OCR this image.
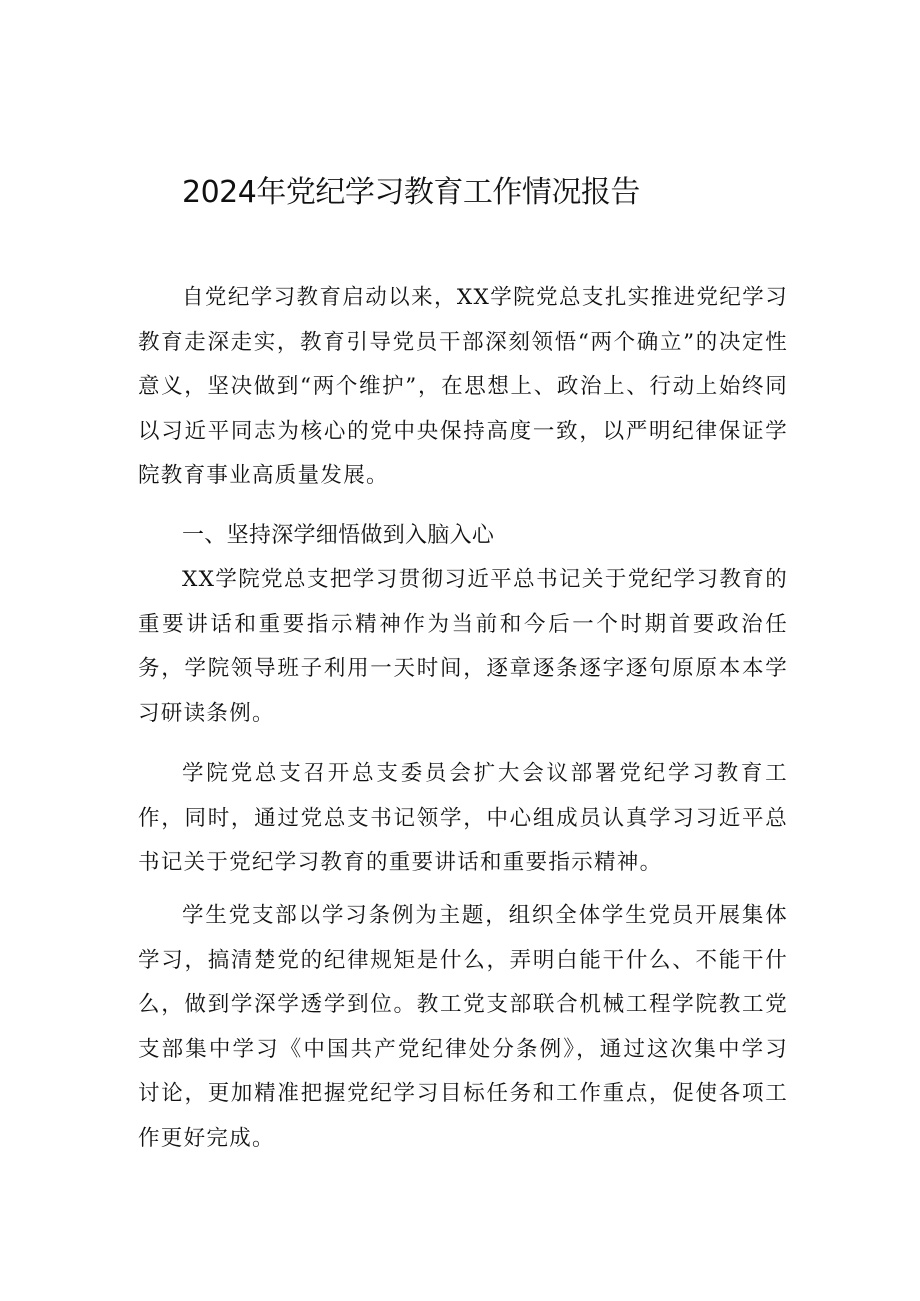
2024年党纪学习教育工作情况报告

自党纪学习教育启动以来，XX学院党总支扎实推进党纪学习教育走深走实，教育引导党员干部深刻领悟“两个确立”的决定性意义，坚决做到“两个维护”，在思想上、政治上、行动上始终同以习近平同志为核心的党中央保持高度一致，以严明纪律保证学院教育事业高质量发展。

一、坚持深学细悟做到入脑入心

XX学院党总支把学习贯彻习近平总书记关于党纪学习教育的重要讲话和重要指示精神作为当前和今后一个时期首要政治任务，学院领导班子利用一天时间，逐章逐条逐字逐句原原本本学习研读条例。

学院党总支召开总支委员会扩大会议部署党纪学习教育工作，同时，通过党总支书记领学，中心组成员认真学习习近平总书记关于党纪学习教育的重要讲话和重要指示精神。

学生党支部以学习条例为主题，组织全体学生党员开展集体学习，搞清楚党的纪律规矩是什么，弄明白能干什么、不能干什么，做到学深学透学到位。教工党支部联合机械工程学院教工党支部集中学习《中国共产党纪律处分条例》，通过这次集中学习讨论，更加精准把握党纪学习目标任务和工作重点，促使各项工作更好完成。
